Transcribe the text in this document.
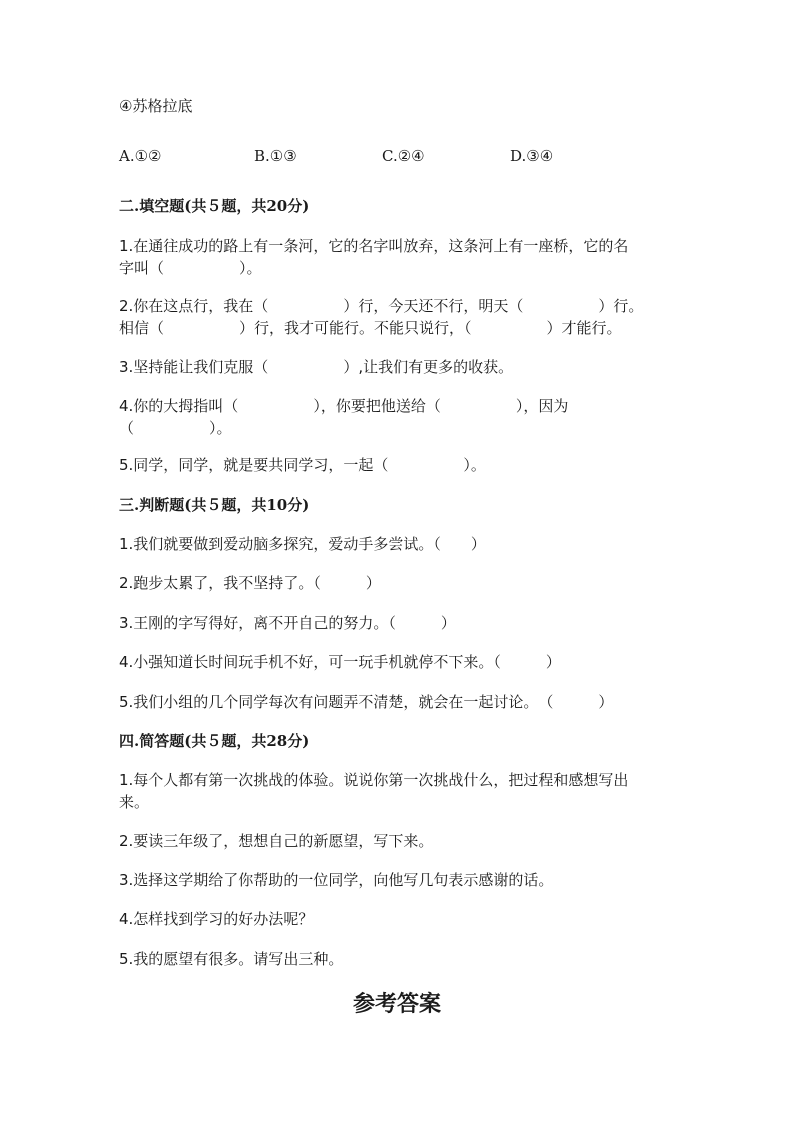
④苏格拉底
A.①②	B.①③	C.②④	D.③④
二.填空题(共５题，共20分)
1.在通往成功的路上有一条河，它的名字叫放弃，这条河上有一座桥，它的名
字叫（　　　　　）。
2.你在这点行，我在（　　　　　）行，今天还不行，明天（　　　　　）行。
相信（　　　　　）行，我才可能行。不能只说行，（　　　　　）才能行。
3.坚持能让我们克服（　　　　　）,让我们有更多的收获。
4.你的大拇指叫（　　　　　），你要把他送给（　　　　　），因为
（　　　　　）。
5.同学，同学，就是要共同学习，一起（　　　　　）。
三.判断题(共５题，共10分)
1.我们就要做到爱动脑多探究，爱动手多尝试。（　　）
2.跑步太累了，我不坚持了。（　　　）
3.王刚的字写得好，离不开自己的努力。（　　　）
4.小强知道长时间玩手机不好，可一玩手机就停不下来。（　　　）
5.我们小组的几个同学每次有问题弄不清楚，就会在一起讨论。　（　　　）
四.简答题(共５题，共28分)
1.每个人都有第一次挑战的体验。说说你第一次挑战什么，把过程和感想写出
来。
2.要读三年级了，想想自己的新愿望，写下来。
3.选择这学期给了你帮助的一位同学，向他写几句表示感谢的话。
4.怎样找到学习的好办法呢？
5.我的愿望有很多。请写出三种。
参考答案
